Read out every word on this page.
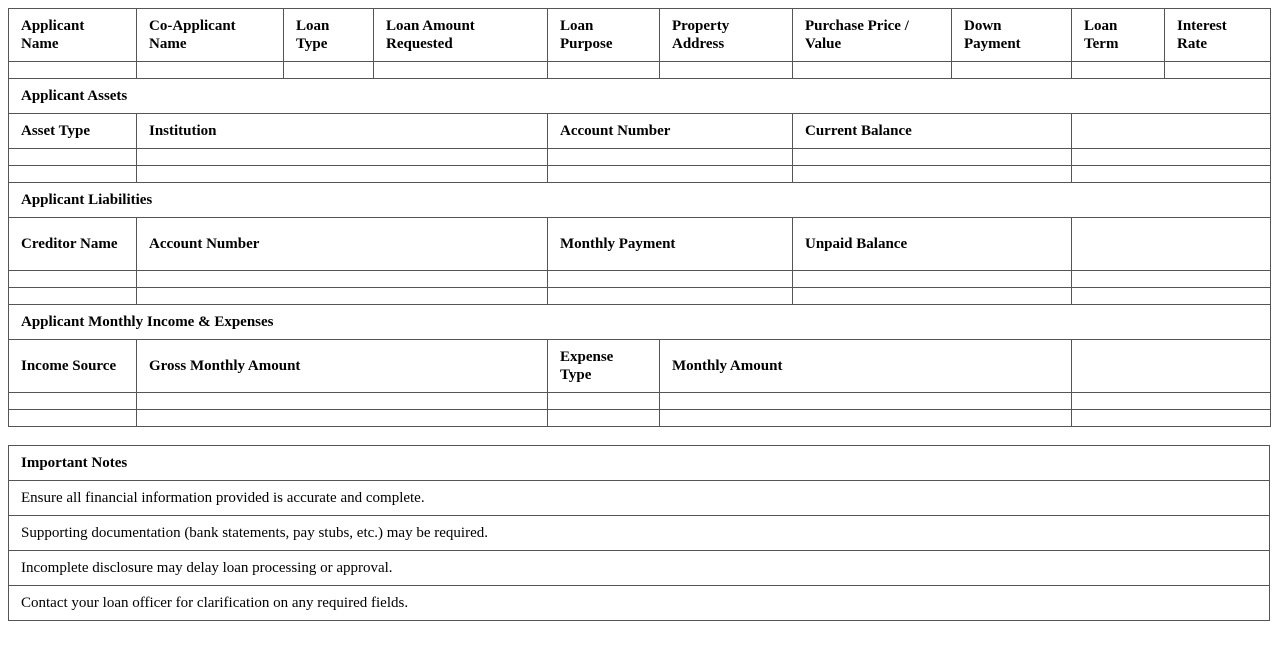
Applicant Name	Co-Applicant Name	Loan Type	Loan Amount Requested	Loan Purpose	Property Address	Purchase Price / Value	Down Payment	Loan Term	Interest Rate

Applicant Assets									
Asset Type	Institution			Account Number		Current Balance			

Applicant Liabilities									
Creditor Name	Account Number			Monthly Payment		Unpaid Balance			

Applicant Monthly Income & Expenses									
Income Source	Gross Monthly Amount			Expense Type	Monthly Amount				

Important Notes
Ensure all financial information provided is accurate and complete.
Supporting documentation (bank statements, pay stubs, etc.) may be required.
Incomplete disclosure may delay loan processing or approval.
Contact your loan officer for clarification on any required fields.
